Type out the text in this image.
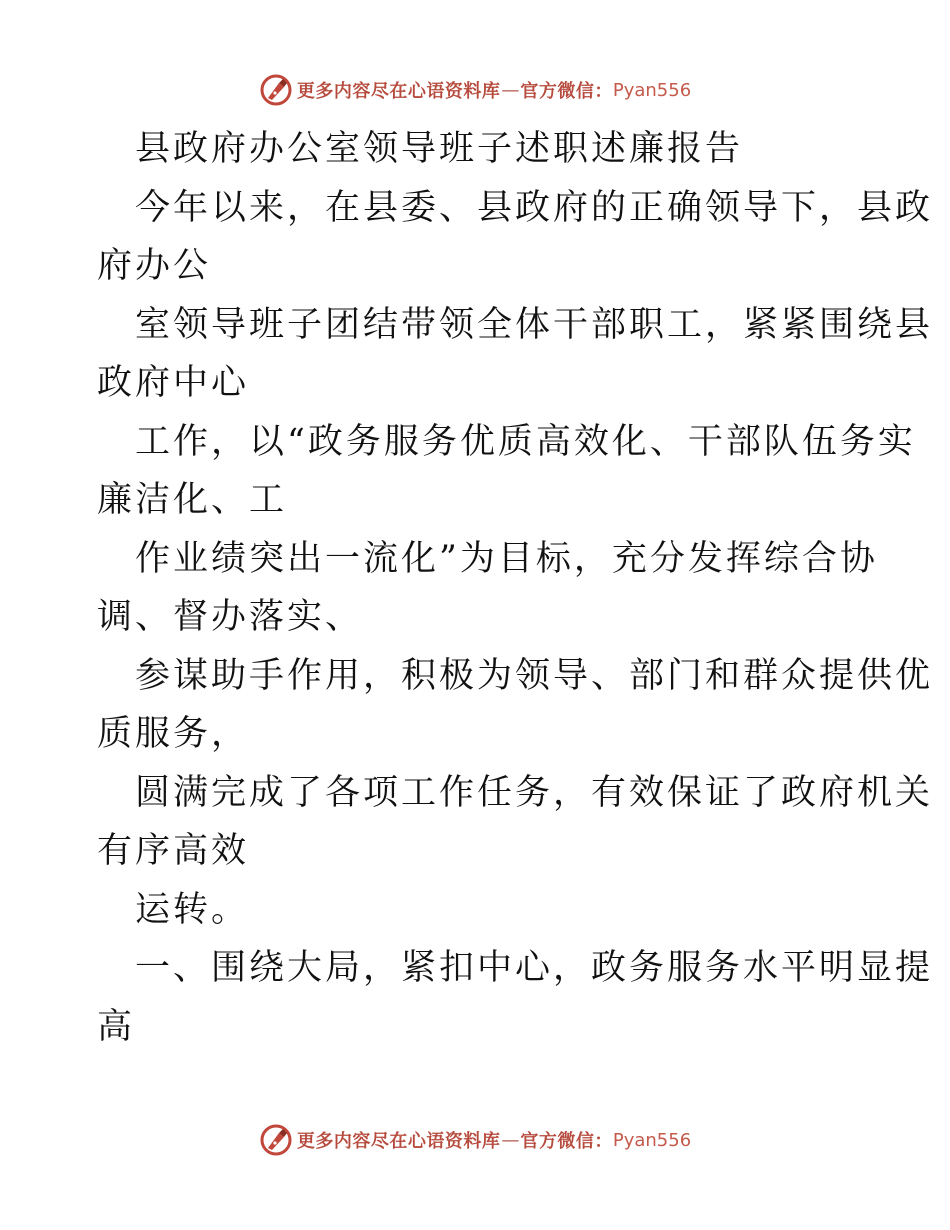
更多内容尽在心语资料库 — 官方微信： Pyan556
县政府办公室领导班子述职述廉报告
今年以来，在县委、县政府的正确领导下，县政
府办公
室领导班子团结带领全体干部职工，紧紧围绕县
政府中心
工作，以“政务服务优质高效化、干部队伍务实
廉洁化、工
作业绩突出一流化”为目标，充分发挥综合协
调、督办落实、
参谋助手作用，积极为领导、部门和群众提供优
质服务，
圆满完成了各项工作任务，有效保证了政府机关
有序高效
运转。
一、围绕大局，紧扣中心，政务服务水平明显提
高
更多内容尽在心语资料库 — 官方微信： Pyan556
